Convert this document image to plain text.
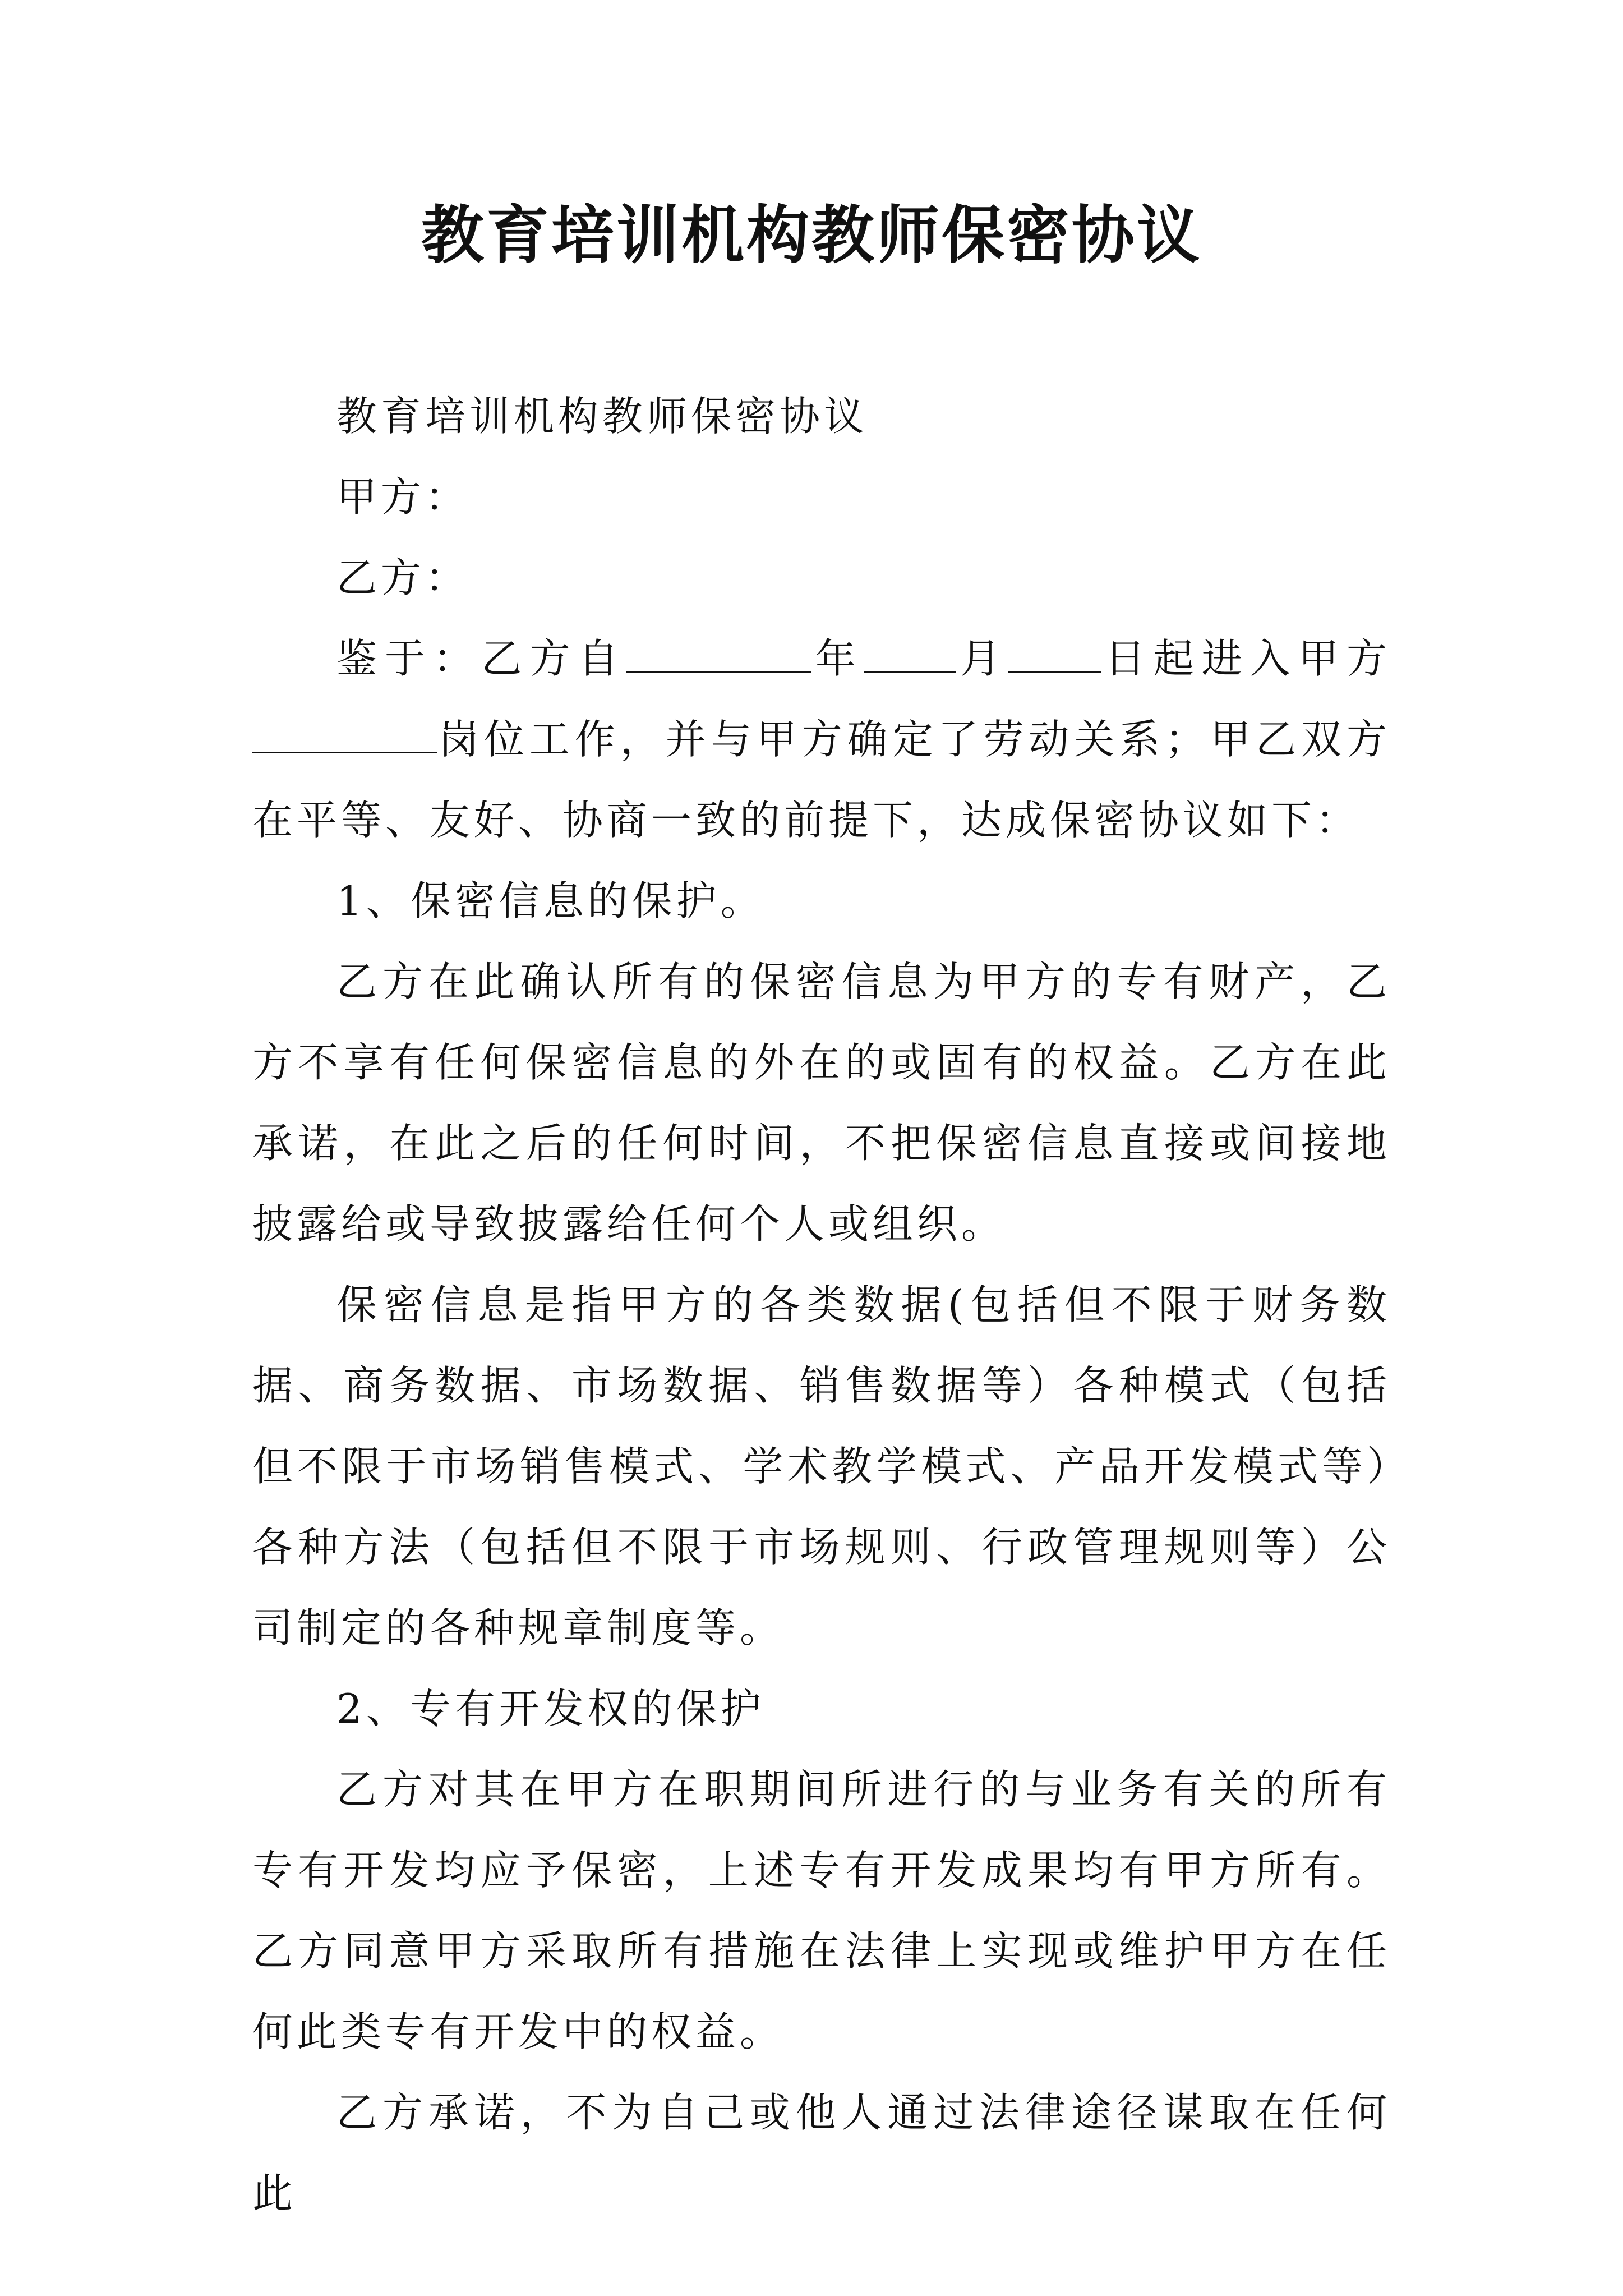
教育培训机构教师保密协议

教育培训机构教师保密协议

甲方：

乙方：

鉴于：乙方自	年 月 日起进入甲方岗位工作，并与甲方确定了劳动关系；甲乙双方在平等、友好、协商一致的前提下，达成保密协议如下：

1、保密信息的保护。

乙方在此确认所有的保密信息为甲方的专有财产，乙方不享有任何保密信息的外在的或固有的权益。乙方在此承诺，在此之后的任何时间，不把保密信息直接或间接地披露给或导致披露给任何个人或组织。

保密信息是指甲方的各类数据(包括但不限于财务数据、商务数据、市场数据、销售数据等）各种模式（包括但不限于市场销售模式、学术教学模式、产品开发模式等）各种方法（包括但不限于市场规则、行政管理规则等）公司制定的各种规章制度等。

2、专有开发权的保护

乙方对其在甲方在职期间所进行的与业务有关的所有专有开发均应予保密，上述专有开发成果均有甲方所有。乙方同意甲方采取所有措施在法律上实现或维护甲方在任何此类专有开发中的权益。

乙方承诺，不为自己或他人通过法律途径谋取在任何此
